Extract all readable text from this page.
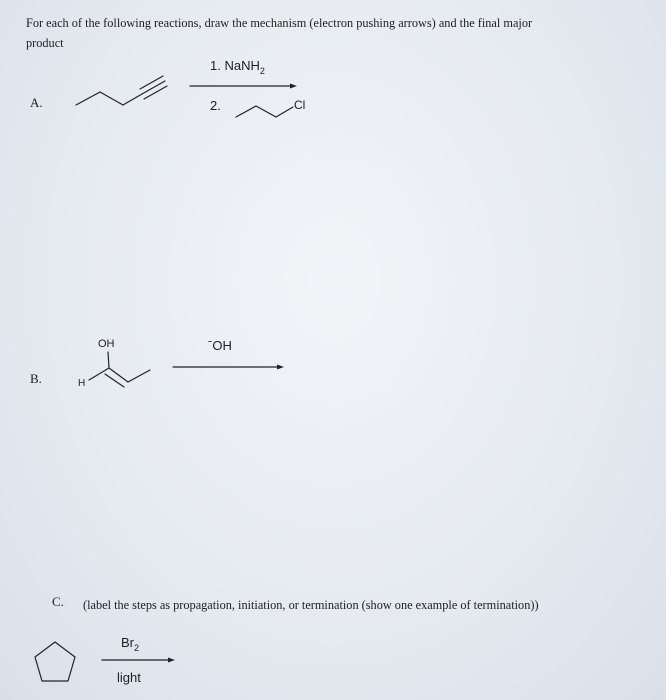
For each of the following reactions, draw the mechanism (electron pushing arrows) and the final major
product
A.
1. NaNH$_2$
2.	Cl
B.
OH
H
ˉOH
C. (label the steps as propagation, initiation, or termination (show one example of termination))
$Br_2$
light
